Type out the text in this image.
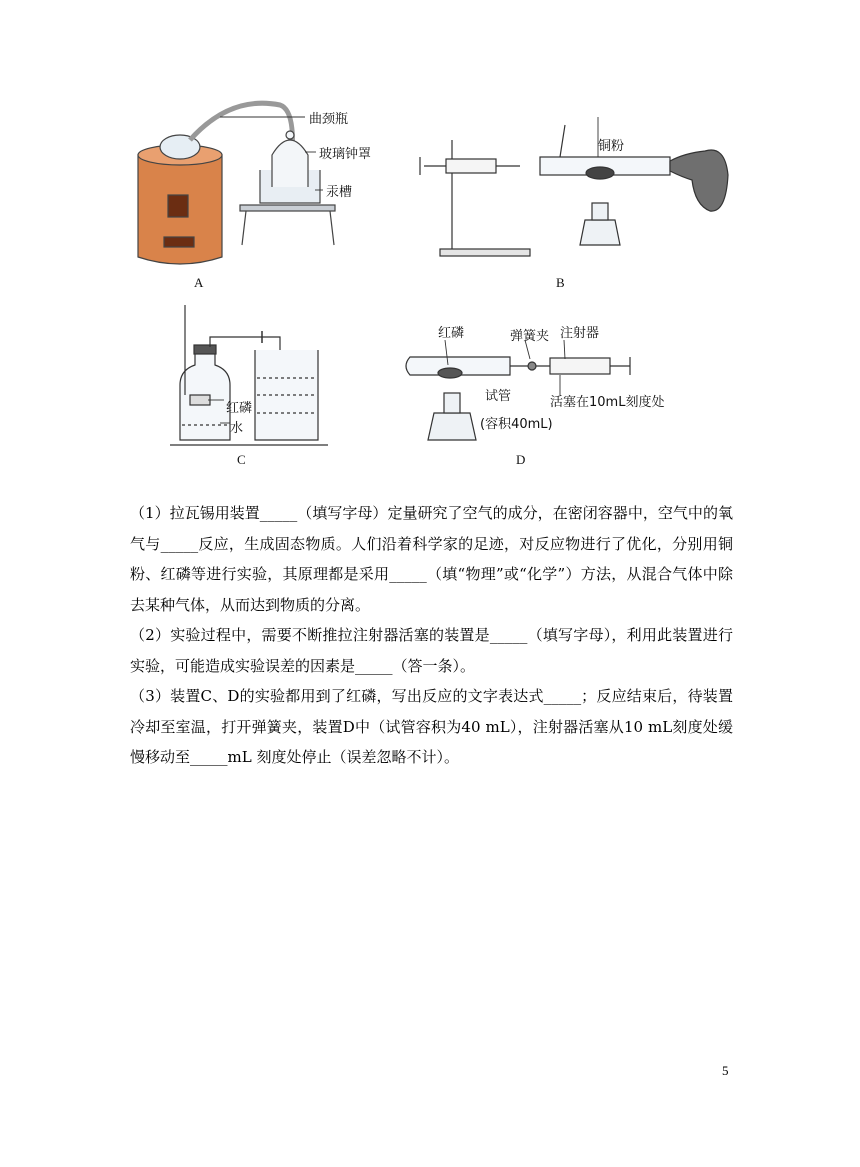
曲颈瓶
玻璃钟罩
汞槽
A
铜粉
B
红磷
水
C
红磷	弹簧夹 注射器
试管	活塞在10mL刻度处
(容积40mL)
D

（1）拉瓦锡用装置_____（填写字母）定量研究了空气的成分，在密闭容器中，空气中的氧气与_____反应，生成固态物质。人们沿着科学家的足迹，对反应物进行了优化，分别用铜粉、红磷等进行实验，其原理都是采用_____（填“物理”或“化学”）方法，从混合气体中除去某种气体，从而达到物质的分离。

（2）实验过程中，需要不断推拉注射器活塞的装置是_____（填写字母），利用此装置进行实验，可能造成实验误差的因素是_____（答一条）。

（3）装置C、D的实验都用到了红磷，写出反应的文字表达式_____；反应结束后，待装置冷却至室温，打开弹簧夹，装置D中（试管容积为40 mL），注射器活塞从10 mL刻度处缓慢移动至_____mL 刻度处停止（误差忽略不计）。

5
